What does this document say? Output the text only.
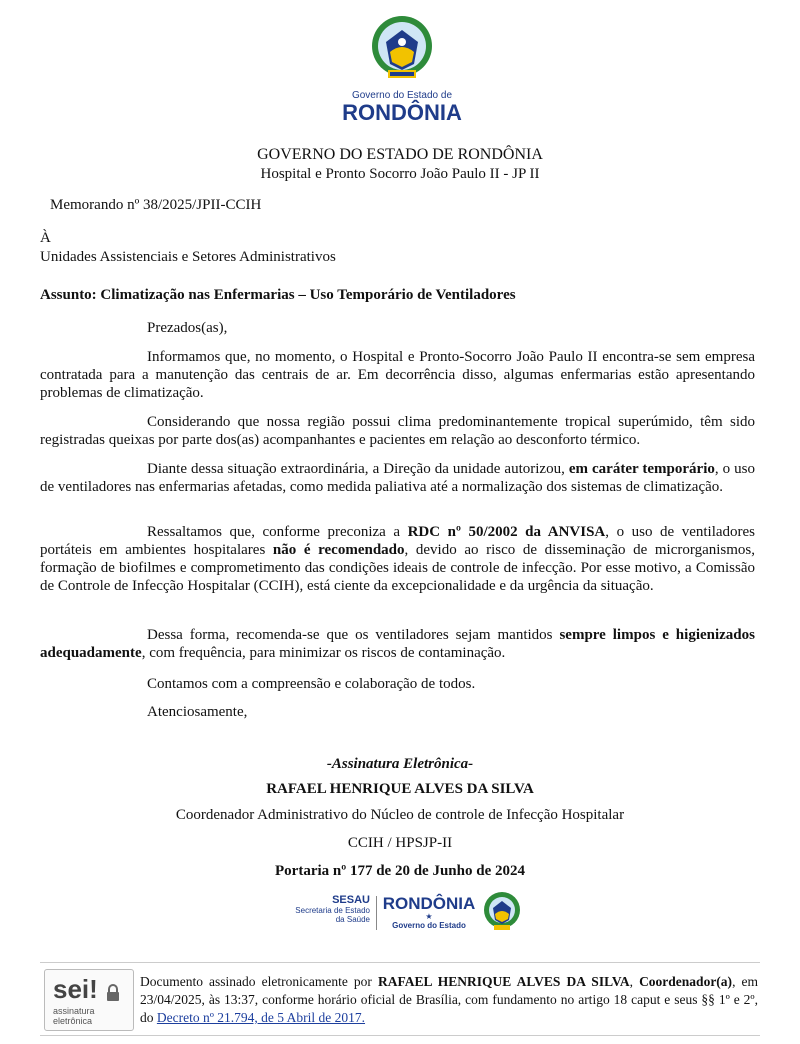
Governo do Estado de
RONDÔNIA
GOVERNO DO ESTADO DE RONDÔNIA
Hospital e Pronto Socorro João Paulo II - JP II
Memorando nº 38/2025/JPII-CCIH
À
Unidades Assistenciais e Setores Administrativos
Assunto: Climatização nas Enfermarias – Uso Temporário de Ventiladores
Prezados(as),
Informamos que, no momento, o Hospital e Pronto-Socorro João Paulo II encontra-se sem empresa contratada para a manutenção das centrais de ar. Em decorrência disso, algumas enfermarias estão apresentando problemas de climatização.
Considerando que nossa região possui clima predominantemente tropical superúmido, têm sido registradas queixas por parte dos(as) acompanhantes e pacientes em relação ao desconforto térmico.
Diante dessa situação extraordinária, a Direção da unidade autorizou, em caráter temporário, o uso de ventiladores nas enfermarias afetadas, como medida paliativa até a normalização dos sistemas de climatização.
Ressaltamos que, conforme preconiza a RDC nº 50/2002 da ANVISA, o uso de ventiladores portáteis em ambientes hospitalares não é recomendado, devido ao risco de disseminação de microrganismos, formação de biofilmes e comprometimento das condições ideais de controle de infecção. Por esse motivo, a Comissão de Controle de Infecção Hospitalar (CCIH), está ciente da excepcionalidade e da urgência da situação.
Dessa forma, recomenda-se que os ventiladores sejam mantidos sempre limpos e higienizados adequadamente, com frequência, para minimizar os riscos de contaminação.
Contamos com a compreensão e colaboração de todos.
Atenciosamente,
-Assinatura Eletrônica-
RAFAEL HENRIQUE ALVES DA SILVA
Coordenador Administrativo do Núcleo de controle de Infecção Hospitalar
CCIH / HPSJP-II
Portaria nº 177 de 20 de Junho de 2024
SESAU
Secretaria de Estado
da Saúde
RONDÔNIA
★
Governo do Estado
sei!
assinatura
eletrônica
Documento assinado eletronicamente por RAFAEL HENRIQUE ALVES DA SILVA, Coordenador(a), em 23/04/2025, às 13:37, conforme horário oficial de Brasília, com fundamento no artigo 18 caput e seus §§ 1º e 2º, do Decreto nº 21.794, de 5 Abril de 2017.
